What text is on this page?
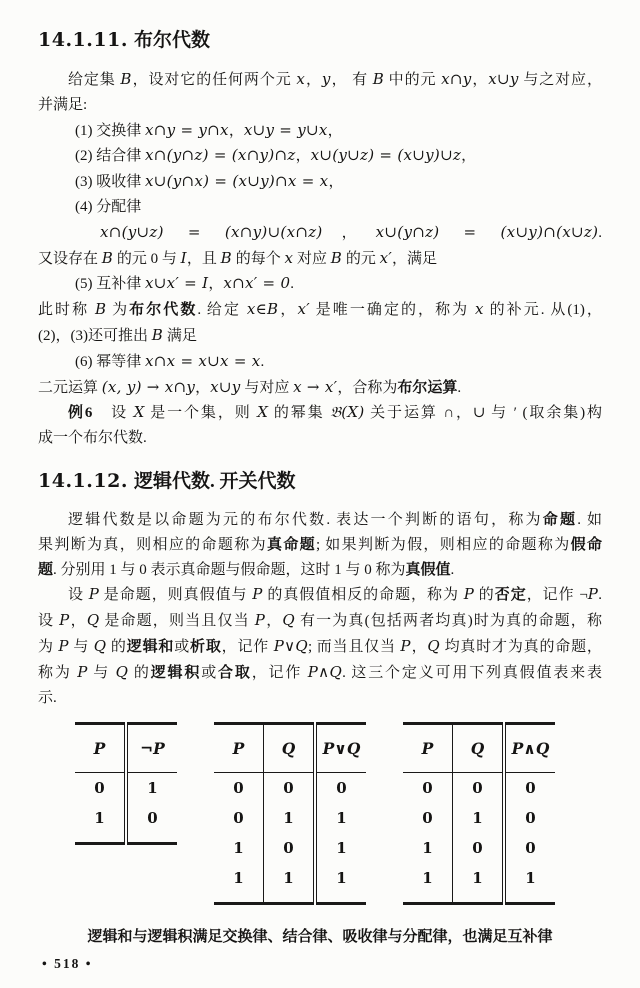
14.1.11. 布尔代数
给定集 B，设对它的任何两个元 x，y， 有 B 中的元 x∩y，x∪y 与之对应，
并满足:
(1) 交换律 x∩y = y∩x，x∪y = y∪x，
(2) 结合律 x∩(y∩z) = (x∩y)∩z，x∪(y∪z) = (x∪y)∪z，
(3) 吸收律 x∪(y∩x) = (x∪y)∩x = x，
(4) 分配律
x∩(y∪z) = (x∩y)∪(x∩z)，x∪(y∩z) = (x∪y)∩(x∪z).
又设存在 B 的元 0 与 I，且 B 的每个 x 对应 B 的元 x′，满足
(5) 互补律 x∪x′ = I，x∩x′ = 0.
此时称 B 为布尔代数. 给定 x∈B，x′ 是唯一确定的，称为 x 的补元. 从(1)，
(2)，(3)还可推出 B 满足
(6) 幂等律 x∩x = x∪x = x.
二元运算 (x, y) → x∩y，x∪y 与对应 x → x′，合称为布尔运算.
例6　设 X 是一个集，则 X 的幂集 𝔅(X) 关于运算 ∩，∪ 与 ′ (取余集)构
成一个布尔代数.
14.1.12. 逻辑代数. 开关代数
逻辑代数是以命题为元的布尔代数. 表达一个判断的语句，称为命题. 如
果判断为真，则相应的命题称为真命题; 如果判断为假，则相应的命题称为假命
题. 分别用 1 与 0 表示真命题与假命题，这时 1 与 0 称为真假值.
设 P 是命题，则真假值与 P 的真假值相反的命题，称为 P 的否定，记作 ¬P.
设 P，Q 是命题，则当且仅当 P，Q 有一为真(包括两者均真)时为真的命题，称
为 P 与 Q 的逻辑和或析取，记作 P∨Q; 而当且仅当 P，Q 均真时才为真的命题，
称为 P 与 Q 的逻辑积或合取，记作 P∧Q. 这三个定义可用下列真假值表来表
示.
P	¬P
0	1
1	0

P	Q	P∨Q
0	0	0
0	1	1
1	0	1
1	1	1

P	Q	P∧Q
0	0	0
0	1	0
1	0	0
1	1	1

逻辑和与逻辑积满足交换律、结合律、吸收律与分配律，也满足互补律
• 518 •
